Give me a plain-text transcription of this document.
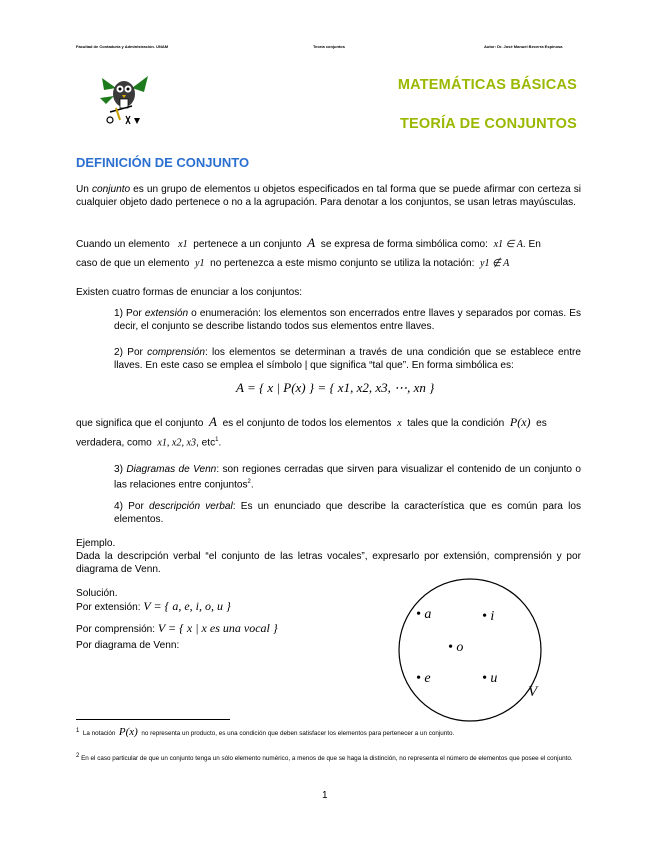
Facultad de Contaduría y Administración. UNAM	Teoría conjuntos	Autor: Dr. José Manuel Becerra Espinosa
MATEMÁTICAS BÁSICAS
TEORÍA DE CONJUNTOS
DEFINICIÓN DE CONJUNTO
Un conjunto es un grupo de elementos u objetos especificados en tal forma que se puede afirmar con certeza si cualquier objeto dado pertenece o no a la agrupación. Para denotar a los conjuntos, se usan letras mayúsculas.
Cuando un elemento x1 pertenece a un conjunto A se expresa de forma simbólica como: x1 ∈ A. En
caso de que un elemento y1 no pertenezca a este mismo conjunto se utiliza la notación: y1 ∉ A
Existen cuatro formas de enunciar a los conjuntos:
1) Por extensión o enumeración: los elementos son encerrados entre llaves y separados por comas. Es decir, el conjunto se describe listando todos sus elementos entre llaves.
2) Por comprensión: los elementos se determinan a través de una condición que se establece entre llaves. En este caso se emplea el símbolo | que significa “tal que”. En forma simbólica es:
A = { x | P(x) } = { x1, x2, x3, ⋯, xn }
que significa que el conjunto A es el conjunto de todos los elementos x tales que la condición P(x) es
verdadera, como x1, x2, x3, etc$^1$.
3) Diagramas de Venn: son regiones cerradas que sirven para visualizar el contenido de un conjunto o las relaciones entre conjuntos$^2$.
4) Por descripción verbal: Es un enunciado que describe la característica que es común para los elementos.
Ejemplo.
Dada la descripción verbal “el conjunto de las letras vocales”, expresarlo por extensión, comprensión y por diagrama de Venn.
Solución.
Por extensión: V = { a, e, i, o, u }
Por comprensión: V = { x | x es una vocal }
Por diagrama de Venn:
• a	• i
• o
• e	• u
V
$^1$ La notación P(x) no representa un producto, es una condición que deben satisfacer los elementos para pertenecer a un conjunto.
$^2$ En el caso particular de que un conjunto tenga un sólo elemento numérico, a menos de que se haga la distinción, no representa el número de elementos que posee el conjunto.
1
